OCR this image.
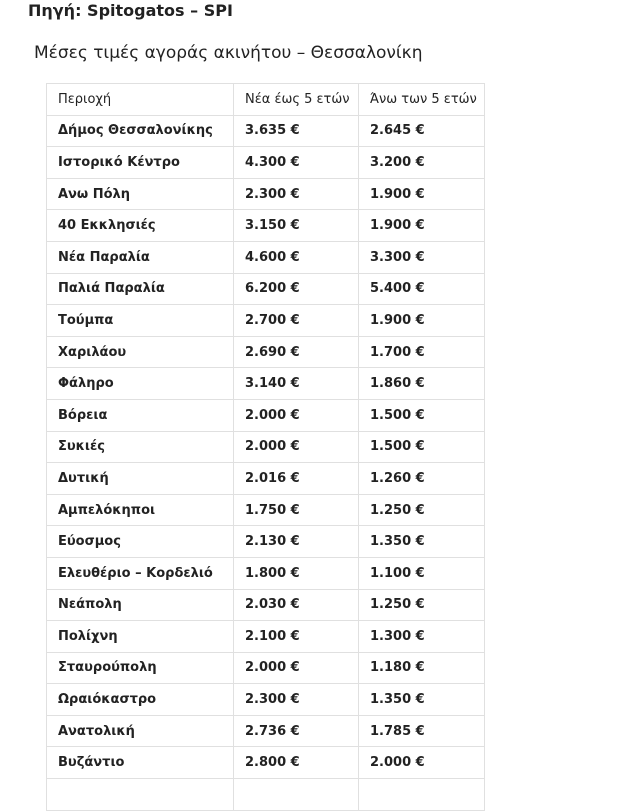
Πηγή: Spitogatos – SPI

Μέσες τιμές αγοράς ακινήτου – Θεσσαλονίκη

Περιοχή	Νέα έως 5 ετών	Άνω των 5 ετών
Δήμος Θεσσαλονίκης	3.635 €	2.645 €
Ιστορικό Κέντρο	4.300 €	3.200 €
Ανω Πόλη	2.300 €	1.900 €
40 Εκκλησιές	3.150 €	1.900 €
Νέα Παραλία	4.600 €	3.300 €
Παλιά Παραλία	6.200 €	5.400 €
Τούμπα	2.700 €	1.900 €
Χαριλάου	2.690 €	1.700 €
Φάληρο	3.140 €	1.860 €
Βόρεια	2.000 €	1.500 €
Συκιές	2.000 €	1.500 €
Δυτική	2.016 €	1.260 €
Αμπελόκηποι	1.750 €	1.250 €
Εύοσμος	2.130 €	1.350 €
Ελευθέριο – Κορδελιό	1.800 €	1.100 €
Νεάπολη	2.030 €	1.250 €
Πολίχνη	2.100 €	1.300 €
Σταυρούπολη	2.000 €	1.180 €
Ωραιόκαστρο	2.300 €	1.350 €
Ανατολική	2.736 €	1.785 €
Βυζάντιο	2.800 €	2.000 €
